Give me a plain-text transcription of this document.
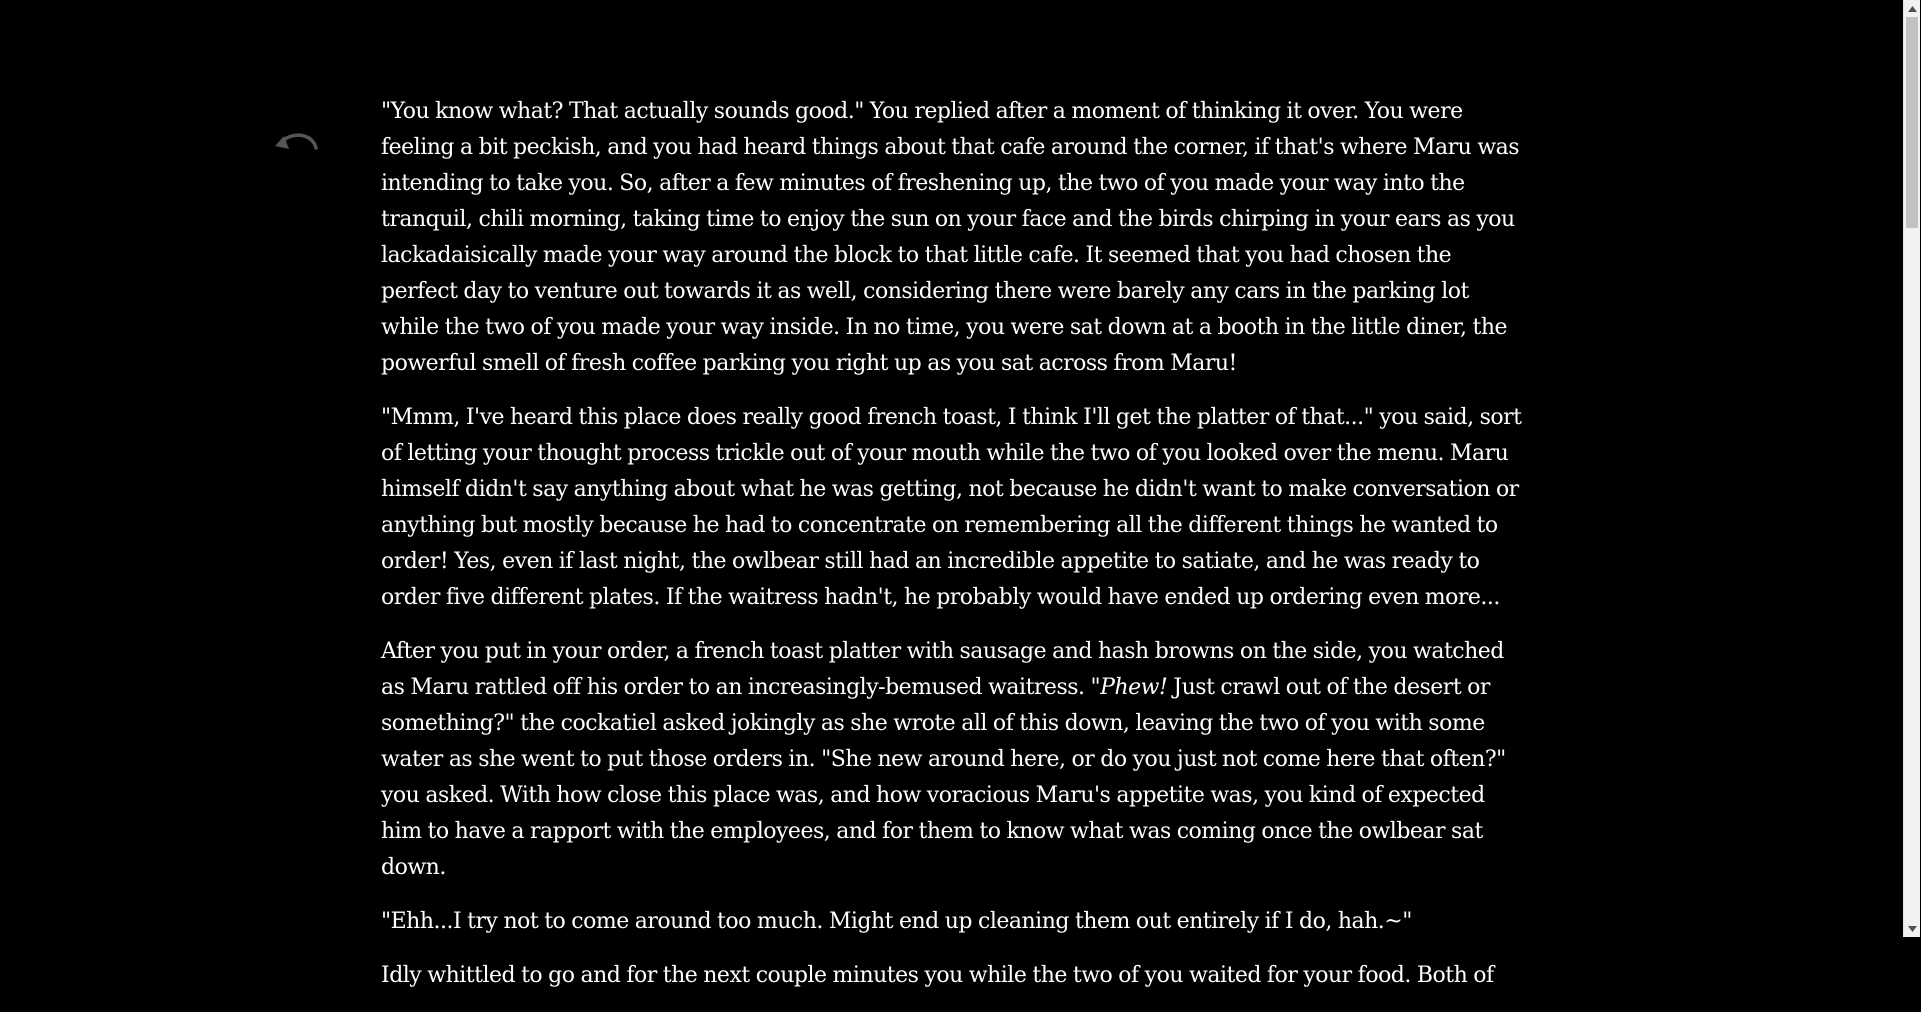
"You know what? That actually sounds good." You replied after a moment of thinking it over. You were feeling a bit peckish, and you had heard things about that cafe around the corner, if that's where Maru was intending to take you. So, after a few minutes of freshening up, the two of you made your way into the tranquil, chili morning, taking time to enjoy the sun on your face and the birds chirping in your ears as you lackadaisically made your way around the block to that little cafe. It seemed that you had chosen the perfect day to venture out towards it as well, considering there were barely any cars in the parking lot while the two of you made your way inside. In no time, you were sat down at a booth in the little diner, the powerful smell of fresh coffee parking you right up as you sat across from Maru!

"Mmm, I've heard this place does really good french toast, I think I'll get the platter of that..." you said, sort of letting your thought process trickle out of your mouth while the two of you looked over the menu. Maru himself didn't say anything about what he was getting, not because he didn't want to make conversation or anything but mostly because he had to concentrate on remembering all the different things he wanted to order! Yes, even if last night, the owlbear still had an incredible appetite to satiate, and he was ready to order five different plates. If the waitress hadn't, he probably would have ended up ordering even more...

After you put in your order, a french toast platter with sausage and hash browns on the side, you watched as Maru rattled off his order to an increasingly-bemused waitress. "Phew! Just crawl out of the desert or something?" the cockatiel asked jokingly as she wrote all of this down, leaving the two of you with some water as she went to put those orders in. "She new around here, or do you just not come here that often?" you asked. With how close this place was, and how voracious Maru's appetite was, you kind of expected him to have a rapport with the employees, and for them to know what was coming once the owlbear sat down.

"Ehh...I try not to come around too much. Might end up cleaning them out entirely if I do, hah.~"

Idly whittled to go and for the next couple minutes you while the two of you waited for your food. Both of
